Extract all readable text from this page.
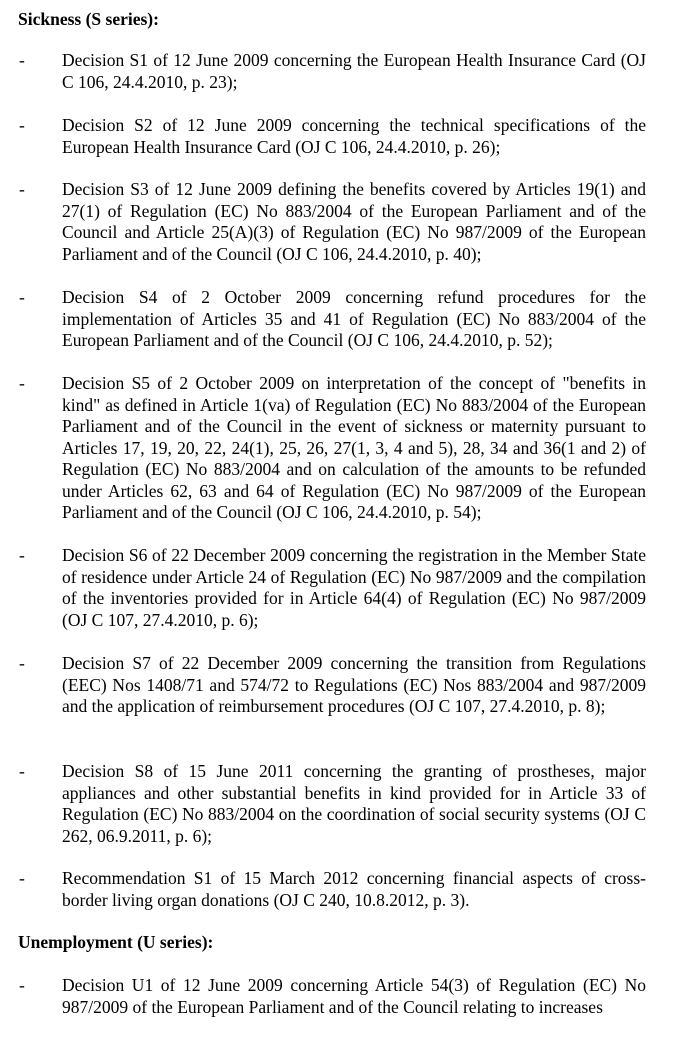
Sickness (S series):
- Decision S1 of 12 June 2009 concerning the European Health Insurance Card (OJ C 106, 24.4.2010, p. 23);
- Decision S2 of 12 June 2009 concerning the technical specifications of the European Health Insurance Card (OJ C 106, 24.4.2010, p. 26);
- Decision S3 of 12 June 2009 defining the benefits covered by Articles 19(1) and 27(1) of Regulation (EC) No 883/2004 of the European Parliament and of the Council and Article 25(A)(3) of Regulation (EC) No 987/2009 of the European Parliament and of the Council (OJ C 106, 24.4.2010, p. 40);
- Decision S4 of 2 October 2009 concerning refund procedures for the implementation of Articles 35 and 41 of Regulation (EC) No 883/2004 of the European Parliament and of the Council (OJ C 106, 24.4.2010, p. 52);
- Decision S5 of 2 October 2009 on interpretation of the concept of "benefits in kind" as defined in Article 1(va) of Regulation (EC) No 883/2004 of the European Parliament and of the Council in the event of sickness or maternity pursuant to Articles 17, 19, 20, 22, 24(1), 25, 26, 27(1, 3, 4 and 5), 28, 34 and 36(1 and 2) of Regulation (EC) No 883/2004 and on calculation of the amounts to be refunded under Articles 62, 63 and 64 of Regulation (EC) No 987/2009 of the European Parliament and of the Council (OJ C 106, 24.4.2010, p. 54);
- Decision S6 of 22 December 2009 concerning the registration in the Member State of residence under Article 24 of Regulation (EC) No 987/2009 and the compilation of the inventories provided for in Article 64(4) of Regulation (EC) No 987/2009 (OJ C 107, 27.4.2010, p. 6);
- Decision S7 of 22 December 2009 concerning the transition from Regulations (EEC) Nos 1408/71 and 574/72 to Regulations (EC) Nos 883/2004 and 987/2009 and the application of reimbursement procedures (OJ C 107, 27.4.2010, p. 8);
- Decision S8 of 15 June 2011 concerning the granting of prostheses, major appliances and other substantial benefits in kind provided for in Article 33 of Regulation (EC) No 883/2004 on the coordination of social security systems (OJ C 262, 06.9.2011, p. 6);
- Recommendation S1 of 15 March 2012 concerning financial aspects of cross-border living organ donations (OJ C 240, 10.8.2012, p. 3).
Unemployment (U series):
- Decision U1 of 12 June 2009 concerning Article 54(3) of Regulation (EC) No 987/2009 of the European Parliament and of the Council relating to increases
